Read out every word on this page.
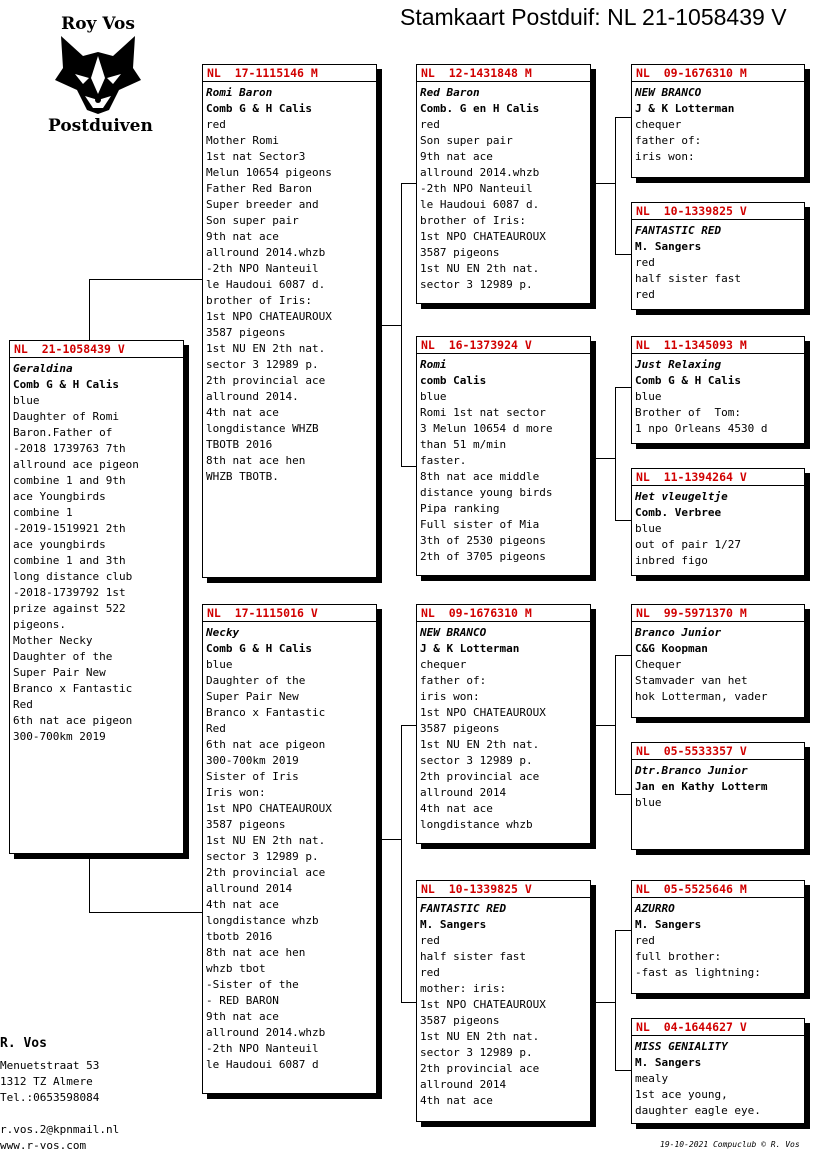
Stamkaart Postduif: NL 21-1058439 V
Roy Vos
Postduiven
NL  21-1058439 V
Geraldina
Comb G & H Calis
blue
Daughter of Romi
Baron.Father of
-2018 1739763 7th
allround ace pigeon
combine 1 and 9th
ace Youngbirds
combine 1
-2019-1519921 2th
ace youngbirds
combine 1 and 3th
long distance club
-2018-1739792 1st
prize against 522
pigeons.
Mother Necky
Daughter of the
Super Pair New
Branco x Fantastic
Red
6th nat ace pigeon
300-700km 2019
NL  17-1115146 M
Romi Baron
Comb G & H Calis
red
Mother Romi
1st nat Sector3
Melun 10654 pigeons
Father Red Baron
Super breeder and
Son super pair
9th nat ace
allround 2014.whzb
-2th NPO Nanteuil
le Haudoui 6087 d.
brother of Iris:
1st NPO CHATEAUROUX
3587 pigeons
1st NU EN 2th nat.
sector 3 12989 p.
2th provincial ace
allround 2014.
4th nat ace
longdistance WHZB
TBOTB 2016
8th nat ace hen
WHZB TBOTB.
NL  17-1115016 V
Necky
Comb G & H Calis
blue
Daughter of the
Super Pair New
Branco x Fantastic
Red
6th nat ace pigeon
300-700km 2019
Sister of Iris
Iris won:
1st NPO CHATEAUROUX
3587 pigeons
1st NU EN 2th nat.
sector 3 12989 p.
2th provincial ace
allround 2014
4th nat ace
longdistance whzb
tbotb 2016
8th nat ace hen
whzb tbot
-Sister of the
- RED BARON
9th nat ace
allround 2014.whzb
-2th NPO Nanteuil
le Haudoui 6087 d
NL  12-1431848 M
Red Baron
Comb. G en H Calis
red
Son super pair
9th nat ace
allround 2014.whzb
-2th NPO Nanteuil
le Haudoui 6087 d.
brother of Iris:
1st NPO CHATEAUROUX
3587 pigeons
1st NU EN 2th nat.
sector 3 12989 p.
NL  16-1373924 V
Romi
comb Calis
blue
Romi 1st nat sector
3 Melun 10654 d more
than 51 m/min
faster.
8th nat ace middle
distance young birds
Pipa ranking
Full sister of Mia
3th of 2530 pigeons
2th of 3705 pigeons
NL  09-1676310 M
NEW BRANCO
J & K Lotterman
chequer
father of:
iris won:
1st NPO CHATEAUROUX
3587 pigeons
1st NU EN 2th nat.
sector 3 12989 p.
2th provincial ace
allround 2014
4th nat ace
longdistance whzb
NL  10-1339825 V
FANTASTIC RED
M. Sangers
red
half sister fast
red
mother: iris:
1st NPO CHATEAUROUX
3587 pigeons
1st NU EN 2th nat.
sector 3 12989 p.
2th provincial ace
allround 2014
4th nat ace
NL  09-1676310 M
NEW BRANCO
J & K Lotterman
chequer
father of:
iris won:
NL  10-1339825 V
FANTASTIC RED
M. Sangers
red
half sister fast
red
NL  11-1345093 M
Just Relaxing
Comb G & H Calis
blue
Brother of  Tom:
1 npo Orleans 4530 d
NL  11-1394264 V
Het vleugeltje
Comb. Verbree
blue
out of pair 1/27
inbred figo
NL  99-5971370 M
Branco Junior
C&G Koopman
Chequer
Stamvader van het
hok Lotterman, vader
NL  05-5533357 V
Dtr.Branco Junior
Jan en Kathy Lotterm
blue
NL  05-5525646 M
AZURRO
M. Sangers
red
full brother:
-fast as lightning:
NL  04-1644627 V
MISS GENIALITY
M. Sangers
mealy
1st ace young,
daughter eagle eye.
R. Vos
Menuetstraat 53
1312 TZ Almere
Tel.:0653598084
r.vos.2@kpnmail.nl
www.r-vos.com	19-10-2021 Compuclub © R. Vos
